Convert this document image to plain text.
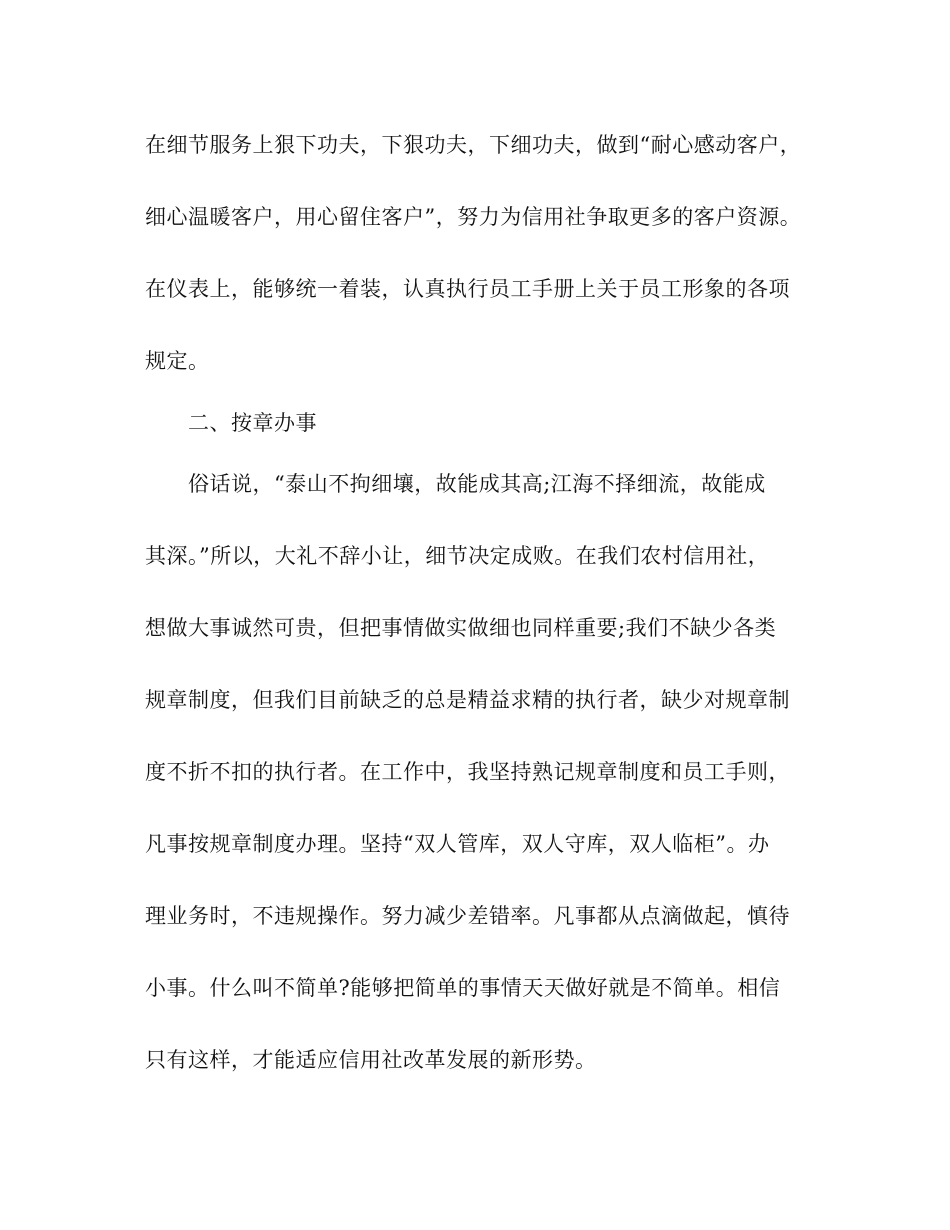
在细节服务上狠下功夫，下狠功夫，下细功夫，做到“耐心感动客户，

细心温暖客户，用心留住客户”，努力为信用社争取更多的客户资源。

在仪表上，能够统一着装，认真执行员工手册上关于员工形象的各项

规定。

二、按章办事

俗话说，“泰山不拘细壤，故能成其高;江海不择细流，故能成

其深。”所以，大礼不辞小让，细节决定成败。在我们农村信用社，

想做大事诚然可贵，但把事情做实做细也同样重要;我们不缺少各类

规章制度，但我们目前缺乏的总是精益求精的执行者，缺少对规章制

度不折不扣的执行者。在工作中，我坚持熟记规章制度和员工手则，

凡事按规章制度办理。坚持“双人管库，双人守库，双人临柜”。办

理业务时，不违规操作。努力减少差错率。凡事都从点滴做起，慎待

小事。什么叫不简单?能够把简单的事情天天做好就是不简单。相信

只有这样，才能适应信用社改革发展的新形势。
